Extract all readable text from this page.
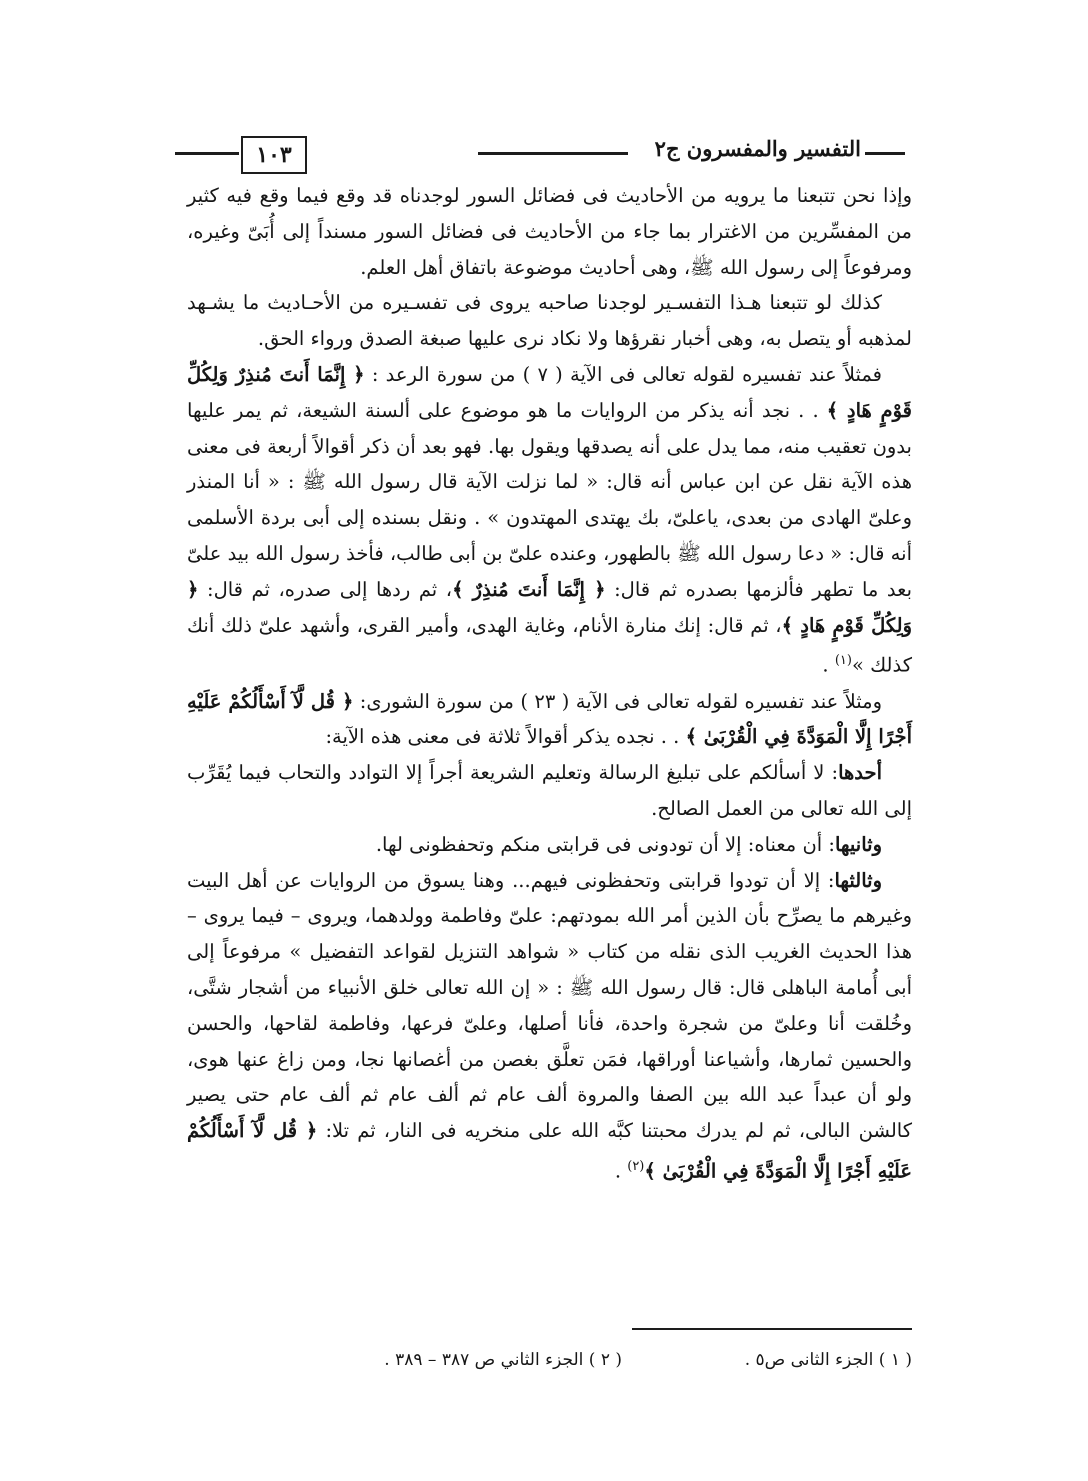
١٠٣	التفسير والمفسرون ج٢

وإذا نحن تتبعنا ما يرويه من الأحاديث فى فضائل السور لوجدناه قد وقع فيما وقع فيه كثير من المفسِّرين من الاغترار بما جاء من الأحاديث فى فضائل السور مسنداً إلى أُبَىّ وغيره، ومرفوعاً إلى رسول الله ﷺ، وهى أحاديث موضوعة باتفاق أهل العلم.

كذلك لو تتبعنا هـذا التفسـير لوجدنا صاحبه يروى فى تفسـيره من الأحـاديث ما يشـهد لمذهبه أو يتصل به، وهى أخبار نقرؤها ولا نكاد نرى عليها صبغة الصدق ورواء الحق.

فمثلاً عند تفسيره لقوله تعالى فى الآية ( ٧ ) من سورة الرعد : ﴿ إِنَّمَا أَنتَ مُنذِرٌ وَلِكُلِّ قَوْمٍ هَادٍ ﴾ . . نجد أنه يذكر من الروايات ما هو موضوع على ألسنة الشيعة، ثم يمر عليها بدون تعقيب منه، مما يدل على أنه يصدقها ويقول بها. فهو بعد أن ذكر أقوالاً أربعة فى معنى هذه الآية نقل عن ابن عباس أنه قال: « لما نزلت الآية قال رسول الله ﷺ : « أنا المنذر وعلىّ الهادى من بعدى، ياعلىّ، بك يهتدى المهتدون » . ونقل بسنده إلى أبى بردة الأسلمى أنه قال: « دعا رسول الله ﷺ بالطهور، وعنده علىّ بن أبى طالب، فأخذ رسول الله بيد علىّ بعد ما تطهر فألزمها بصدره ثم قال: ﴿ إِنَّمَا أَنتَ مُنذِرٌ ﴾، ثم ردها إلى صدره، ثم قال: ﴿ وَلِكُلِّ قَوْمٍ هَادٍ ﴾، ثم قال: إنك منارة الأنام، وغاية الهدى، وأمير القرى، وأشهد علىّ ذلك أنك كذلك »$^{(١)}$ .

ومثلاً عند تفسيره لقوله تعالى فى الآية ( ٢٣ ) من سورة الشورى: ﴿ قُل لَّآ أَسْأَلُكُمْ عَلَيْهِ أَجْرًا إِلَّا الْمَوَدَّةَ فِي الْقُرْبَىٰ ﴾ . . نجده يذكر أقوالاً ثلاثة فى معنى هذه الآية:

أحدها: لا أسألكم على تبليغ الرسالة وتعليم الشريعة أجراً إلا التوادد والتحاب فيما يُقَرِّب إلى الله تعالى من العمل الصالح.

وثانيها: أن معناه: إلا أن تودونى فى قرابتى منكم وتحفظونى لها.

وثالثها: إلا أن تودوا قرابتى وتحفظونى فيهم... وهنا يسوق من الروايات عن أهل البيت وغيرهم ما يصرِّح بأن الذين أمر الله بمودتهم: علىّ وفاطمة وولدهما، ويروى – فيما يروى – هذا الحديث الغريب الذى نقله من كتاب « شواهد التنزيل لقواعد التفضيل » مرفوعاً إلى أبى أُمامة الباهلى قال: قال رسول الله ﷺ : « إن الله تعالى خلق الأنبياء من أشجار شتَّى، وخُلقت أنا وعلىّ من شجرة واحدة، فأنا أصلها، وعلىّ فرعها، وفاطمة لقاحها، والحسن والحسين ثمارها، وأشياعنا أوراقها، فمَن تعلَّق بغصن من أغصانها نجا، ومن زاغ عنها هوى، ولو أن عبداً عبد الله بين الصفا والمروة ألف عام ثم ألف عام ثم ألف عام حتى يصير كالشن البالى، ثم لم يدرك محبتنا كبَّه الله على منخريه فى النار، ثم تلا: ﴿ قُل لَّآ أَسْأَلُكُمْ عَلَيْهِ أَجْرًا إِلَّا الْمَوَدَّةَ فِي الْقُرْبَىٰ ﴾$^{(٢)}$ .

( ١ ) الجزء الثانى ص٥ .
( ٢ ) الجزء الثاني ص ٣٨٧ – ٣٨٩ .
